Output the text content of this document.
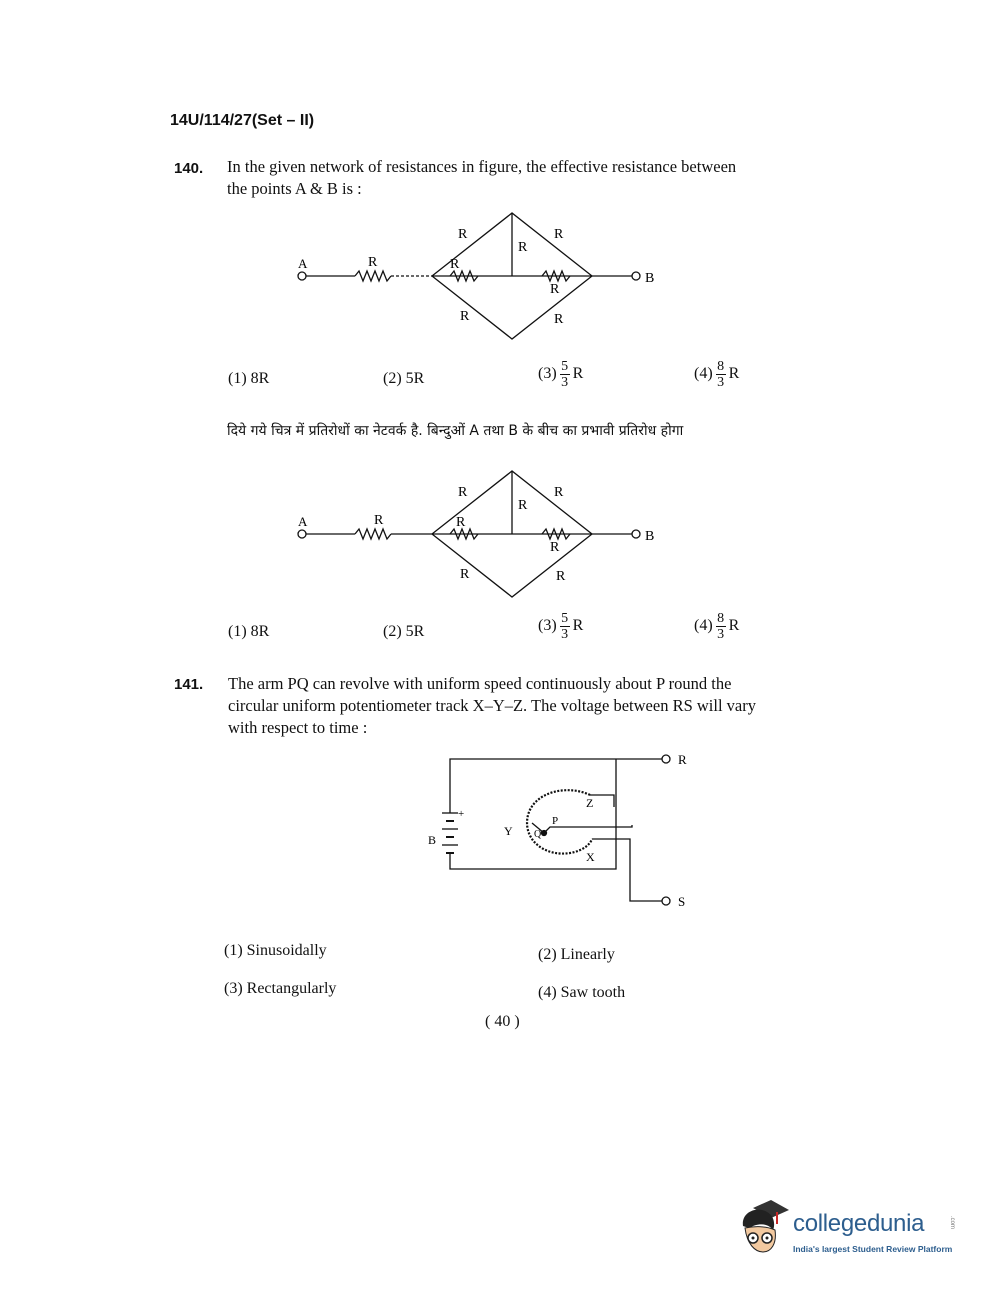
14U/114/27(Set – II)
140. In the given network of resistances in figure, the effective resistance between
the points A & B is :
A
B
R
R	R
R
R
R
R	R
(1) 8R	(2) 5R	$(3) \frac{5}{3}$ R	$(4) \frac{8}{3}$ R
दिये गये चित्र में प्रतिरोधों का नेटवर्क है. बिन्दुओं A तथा B के बीच का प्रभावी प्रतिरोध होगा
A
B
R
R	R
R
R
R
R	R
(1) 8R	(2) 5R	$(3) \frac{5}{3}$ R	$(4) \frac{8}{3}$ R
141. The arm PQ can revolve with uniform speed continuously about P round the
circular uniform potentiometer track X–Y–Z. The voltage between RS will vary
with respect to time :
R
S
Z
Y
X
P
Q
B
+
(1) Sinusoidally	(2) Linearly
(3) Rectangularly	(4) Saw tooth
( 40 )
collegedunia	.com
India's largest Student Review Platform
